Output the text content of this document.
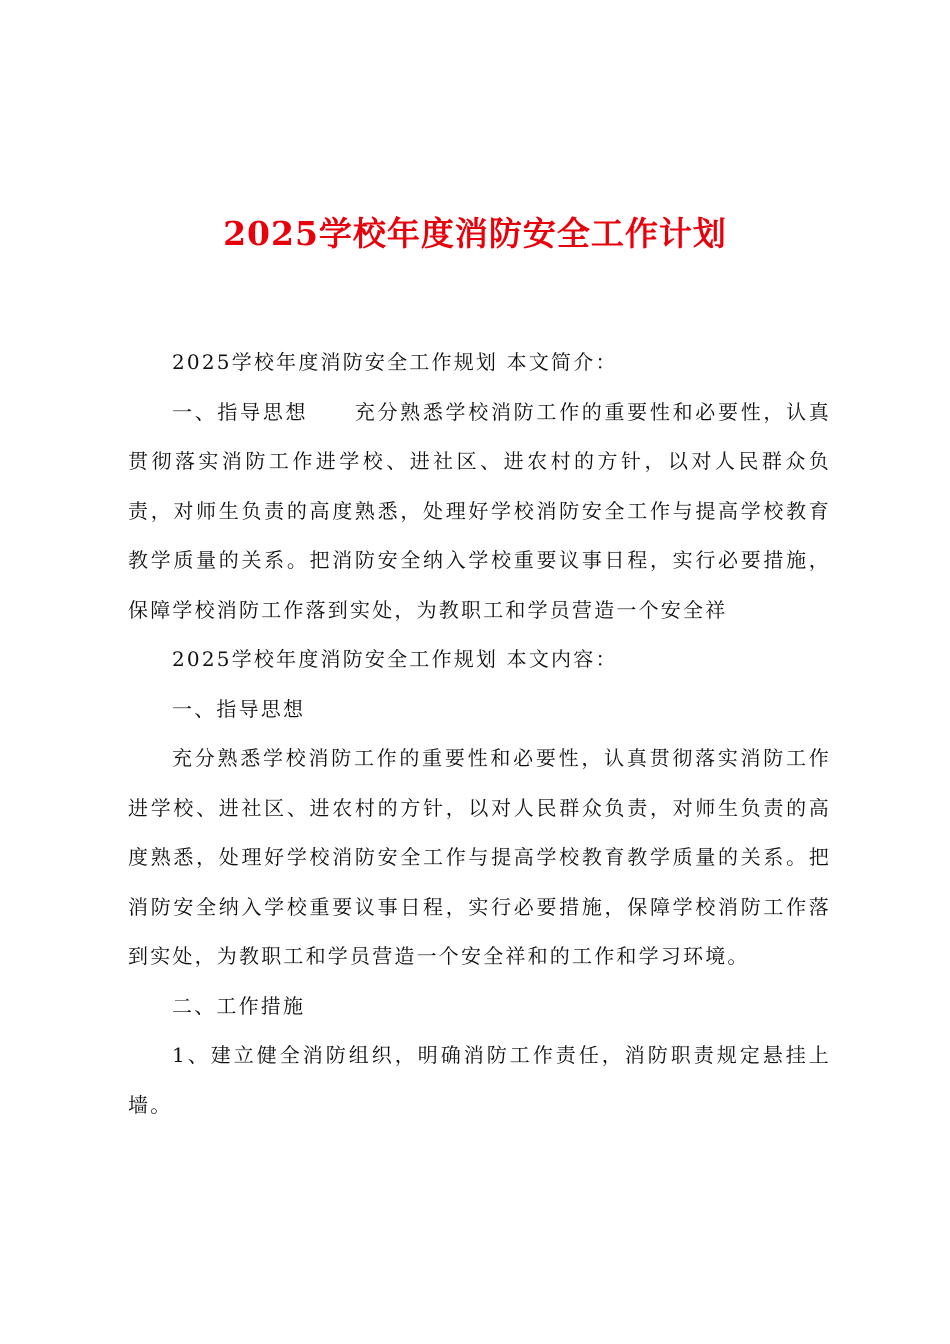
2025学校年度消防安全工作计划

2025学校年度消防安全工作规划 本文简介：

一、指导思想 充分熟悉学校消防工作的重要性和必要性，认真贯彻落实消防工作进学校、进社区、进农村的方针，以对人民群众负责，对师生负责的高度熟悉，处理好学校消防安全工作与提高学校教育教学质量的关系。把消防安全纳入学校重要议事日程，实行必要措施，保障学校消防工作落到实处，为教职工和学员营造一个安全祥

2025学校年度消防安全工作规划 本文内容：

一、指导思想

充分熟悉学校消防工作的重要性和必要性，认真贯彻落实消防工作进学校、进社区、进农村的方针，以对人民群众负责，对师生负责的高度熟悉，处理好学校消防安全工作与提高学校教育教学质量的关系。把消防安全纳入学校重要议事日程，实行必要措施，保障学校消防工作落到实处，为教职工和学员营造一个安全祥和的工作和学习环境。

二、工作措施

1、建立健全消防组织，明确消防工作责任，消防职责规定悬挂上墙。
